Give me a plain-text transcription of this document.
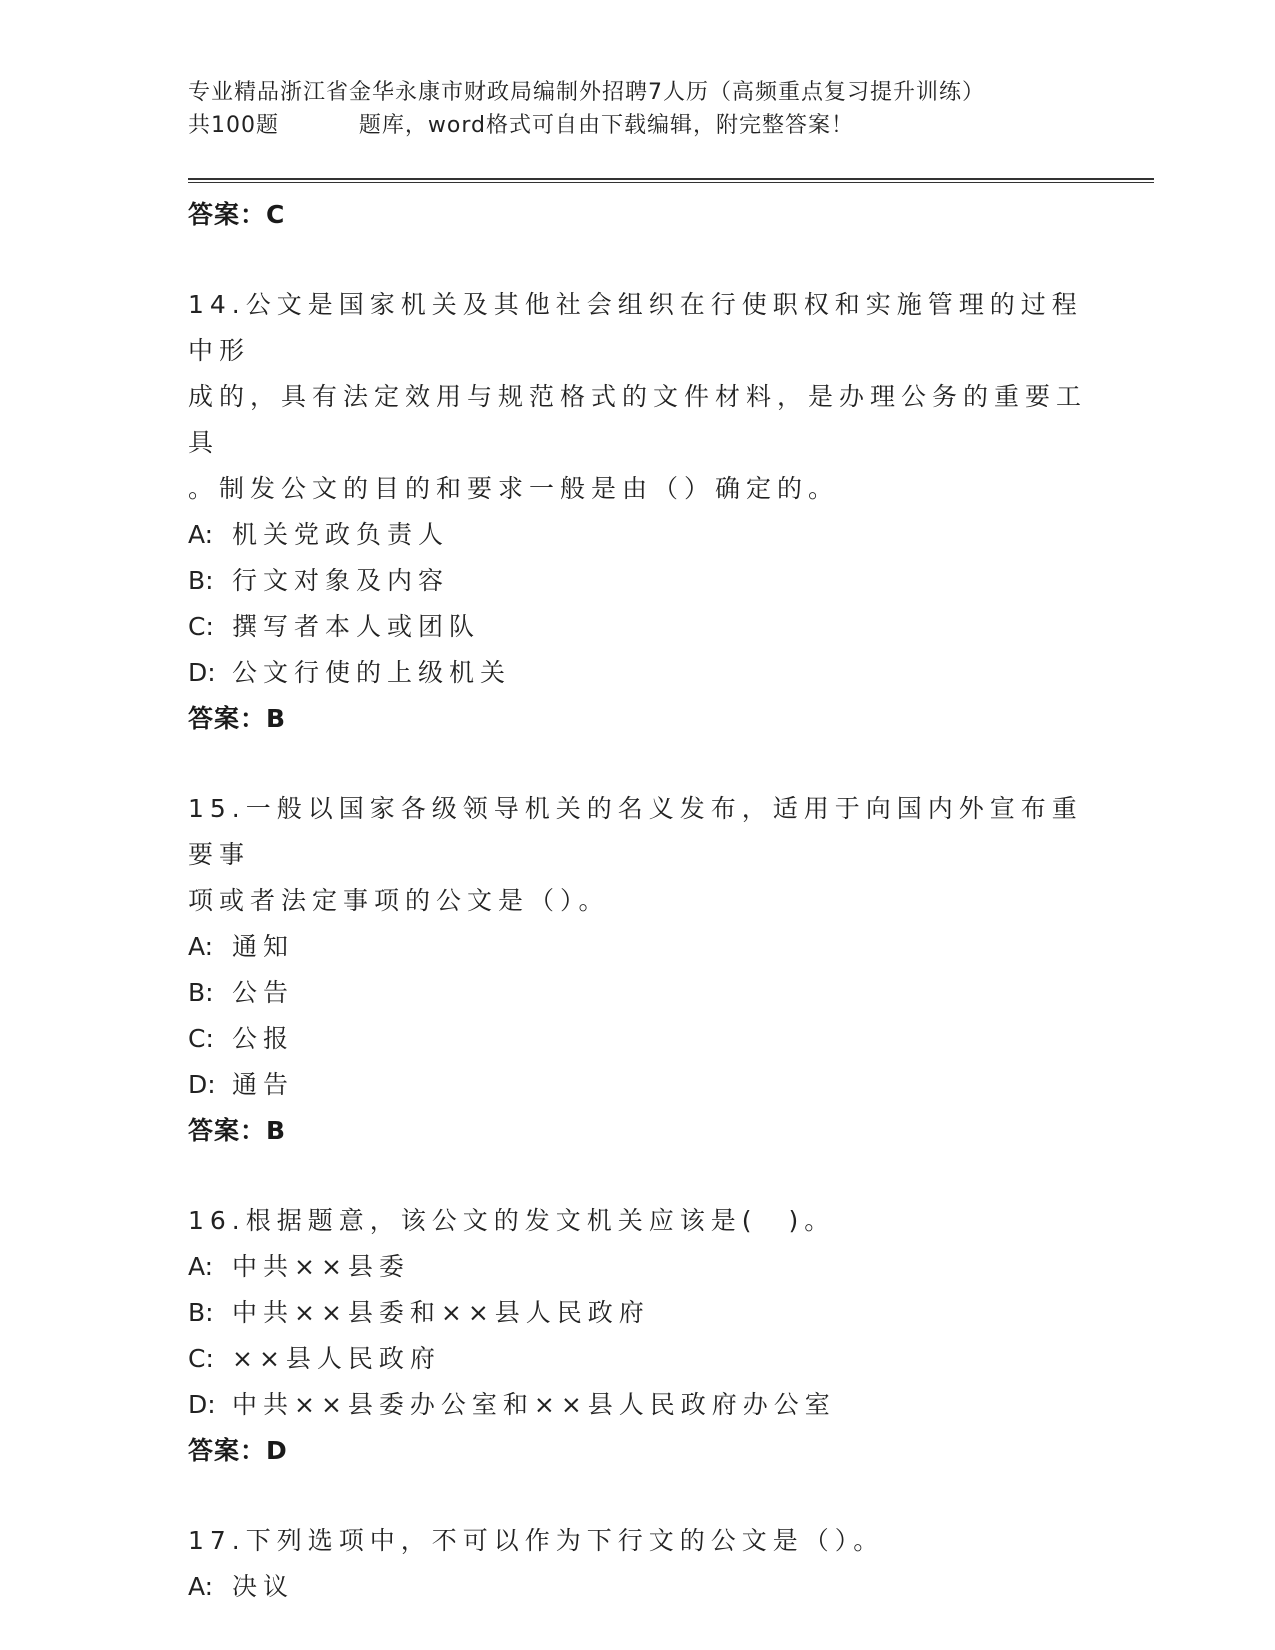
专业精品浙江省金华永康市财政局编制外招聘7人历（高频重点复习提升训练）
共100题          题库，word格式可自由下载编辑，附完整答案！
答案：C
14.公文是国家机关及其他社会组织在行使职权和实施管理的过程中形
成的，具有法定效用与规范格式的文件材料，是办理公务的重要工具
。制发公文的目的和要求一般是由（）确定的。
A: 机关党政负责人
B: 行文对象及内容
C: 撰写者本人或团队
D: 公文行使的上级机关
答案：B
15.一般以国家各级领导机关的名义发布，适用于向国内外宣布重要事
项或者法定事项的公文是（）。
A: 通知
B: 公告
C: 公报
D: 通告
答案：B
16.根据题意，该公文的发文机关应该是(　)。
A: 中共××县委
B: 中共××县委和××县人民政府
C: ××县人民政府
D: 中共××县委办公室和××县人民政府办公室
答案：D
17.下列选项中，不可以作为下行文的公文是（）。
A: 决议
